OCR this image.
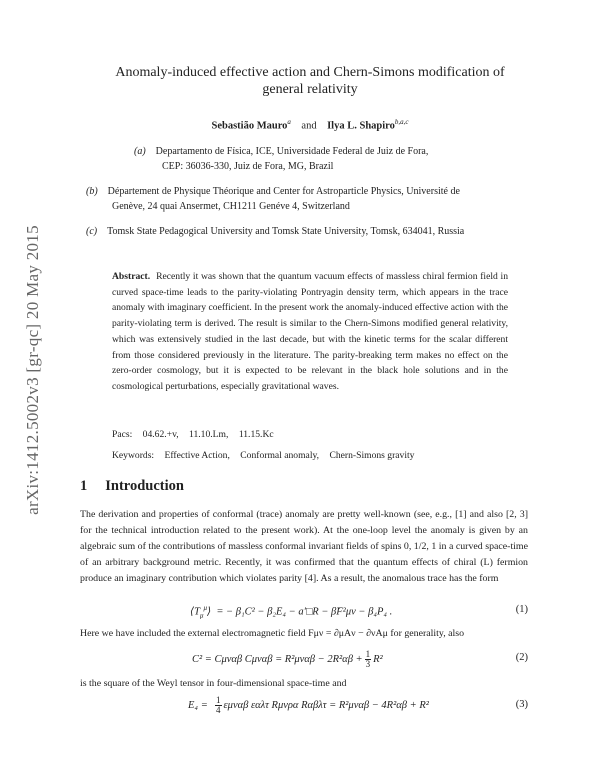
arXiv:1412.5002v3 [gr-qc] 20 May 2015
Anomaly-induced effective action and Chern-Simons modification of
general relativity
Sebastião Mauro$^a$ and Ilya L. Shapiro$^{b,a,c}$
(a) Departamento de Física, ICE, Universidade Federal de Juiz de Fora,
CEP: 36036-330, Juiz de Fora, MG, Brazil
(b) Département de Physique Théorique and Center for Astroparticle Physics, Université de
Genève, 24 quai Ansermet, CH1211 Genéve 4, Switzerland
(c) Tomsk State Pedagogical University and Tomsk State University, Tomsk, 634041, Russia
Abstract. Recently it was shown that the quantum vacuum effects of massless chiral fermion field in curved space-time leads to the parity-violating Pontryagin density term, which appears in the trace anomaly with imaginary coefficient. In the present work the anomaly-induced effective action with the parity-violating term is derived. The result is similar to the Chern-Simons modified general relativity, which was extensively studied in the last decade, but with the kinetic terms for the scalar different from those considered previously in the literature. The parity-breaking term makes no effect on the zero-order cosmology, but it is expected to be relevant in the black hole solutions and in the cosmological perturbations, especially gravitational waves.
Pacs: 04.62.+v, 11.10.Lm, 11.15.Kc
Keywords: Effective Action, Conformal anomaly, Chern-Simons gravity
1 Introduction
The derivation and properties of conformal (trace) anomaly are pretty well-known (see, e.g., [1] and also [2, 3] for the technical introduction related to the present work). At the one-loop level the anomaly is given by an algebraic sum of the contributions of massless conformal invariant fields of spins 0, 1/2, 1 in a curved space-time of an arbitrary background metric. Recently, it was confirmed that the quantum effects of chiral (L) fermion produce an imaginary contribution which violates parity [4]. As a result, the anomalous trace has the form
$⟨T_\mu^\mu⟩$  = − β₁C² − β₂E₄ − a′□R − β̃F²μν − β₄P₄ .	(1)
Here we have included the external electromagnetic field Fμν = ∂μAν − ∂νAμ for generality, also
C² = Cμναβ $C\mu\nu\alpha\beta = R^2\mu\nu\alpha\beta - 2R^2\alpha\beta + \frac{1}{3} R^2$	(2)
is the square of the Weyl tensor in four-dimensional space-time and
$E_4 = \frac{1}{4}$ εμναβ εαλτ Rμνρα Rαβλτ = R²μναβ − 4R²αβ + R²	(3)
